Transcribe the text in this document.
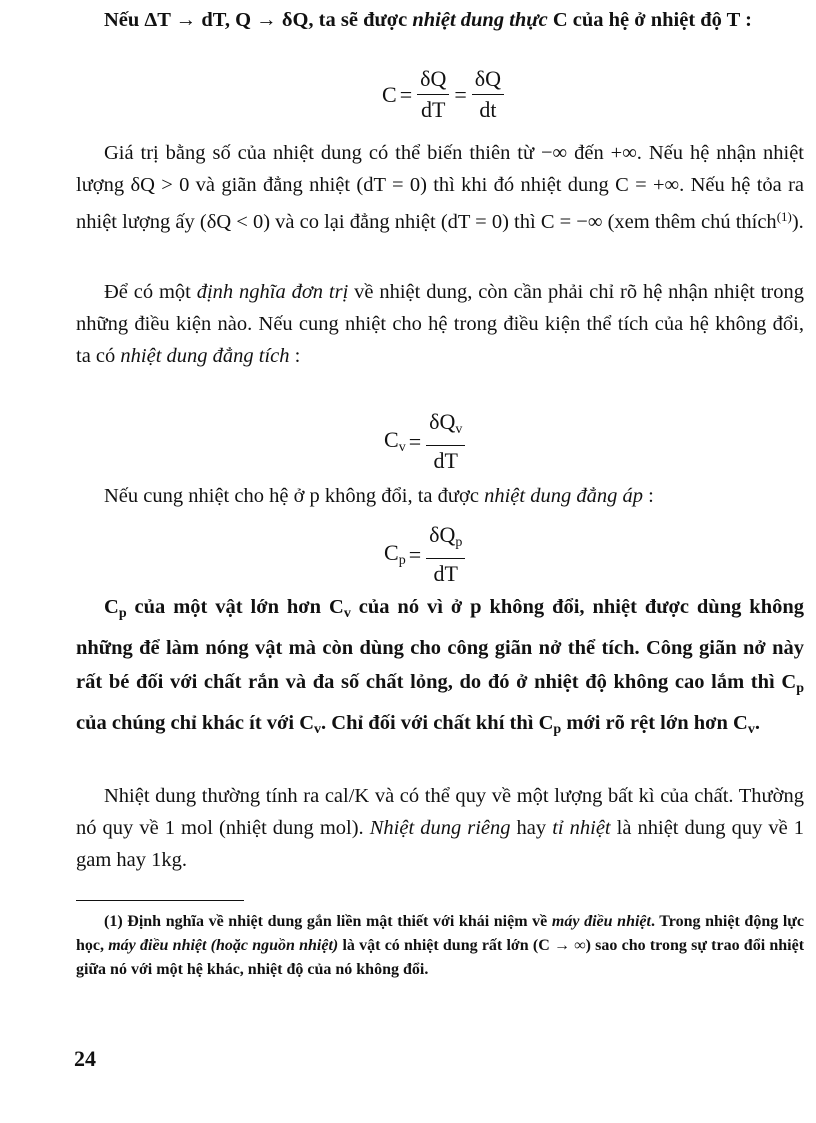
Nếu ΔT → dT, Q → δQ, ta sẽ được nhiệt dung thực C của hệ ở nhiệt độ T :

$C = \frac{\delta Q}{dT} = \frac{\delta Q}{dt}$

Giá trị bằng số của nhiệt dung có thể biến thiên từ −∞ đến +∞. Nếu hệ nhận nhiệt lượng δQ > 0 và giãn đẳng nhiệt (dT = 0) thì khi đó nhiệt dung C = +∞. Nếu hệ tỏa ra nhiệt lượng ấy (δQ < 0) và co lại đẳng nhiệt (dT = 0) thì C = −∞ (xem thêm chú thích$^{(1)}$).

Để có một định nghĩa đơn trị về nhiệt dung, còn cần phải chỉ rõ hệ nhận nhiệt trong những điều kiện nào. Nếu cung nhiệt cho hệ trong điều kiện thể tích của hệ không đổi, ta có nhiệt dung đẳng tích :

$C_v = \frac{\delta Q_v}{dT}$

Nếu cung nhiệt cho hệ ở p không đổi, ta được nhiệt dung đẳng áp :

$C_p = \frac{\delta Q_p}{dT}$

$C_p$ của một vật lớn hơn $C_v$ của nó vì ở p không đổi, nhiệt được dùng không những để làm nóng vật mà còn dùng cho công giãn nở thể tích. Công giãn nở này rất bé đối với chất rắn và đa số chất lỏng, do đó ở nhiệt độ không cao lắm thì $C_p$ của chúng chỉ khác ít với $C_v$. Chỉ đối với chất khí thì $C_p$ mới rõ rệt lớn hơn $C_v$.

Nhiệt dung thường tính ra cal/K và có thể quy về một lượng bất kì của chất. Thường nó quy về 1 mol (nhiệt dung mol). Nhiệt dung riêng hay tỉ nhiệt là nhiệt dung quy về 1 gam hay 1kg.

(1) Định nghĩa về nhiệt dung gắn liền mật thiết với khái niệm về máy điều nhiệt. Trong nhiệt động lực học, máy điều nhiệt (hoặc nguồn nhiệt) là vật có nhiệt dung rất lớn (C → ∞) sao cho trong sự trao đổi nhiệt giữa nó với một hệ khác, nhiệt độ của nó không đổi.

24
